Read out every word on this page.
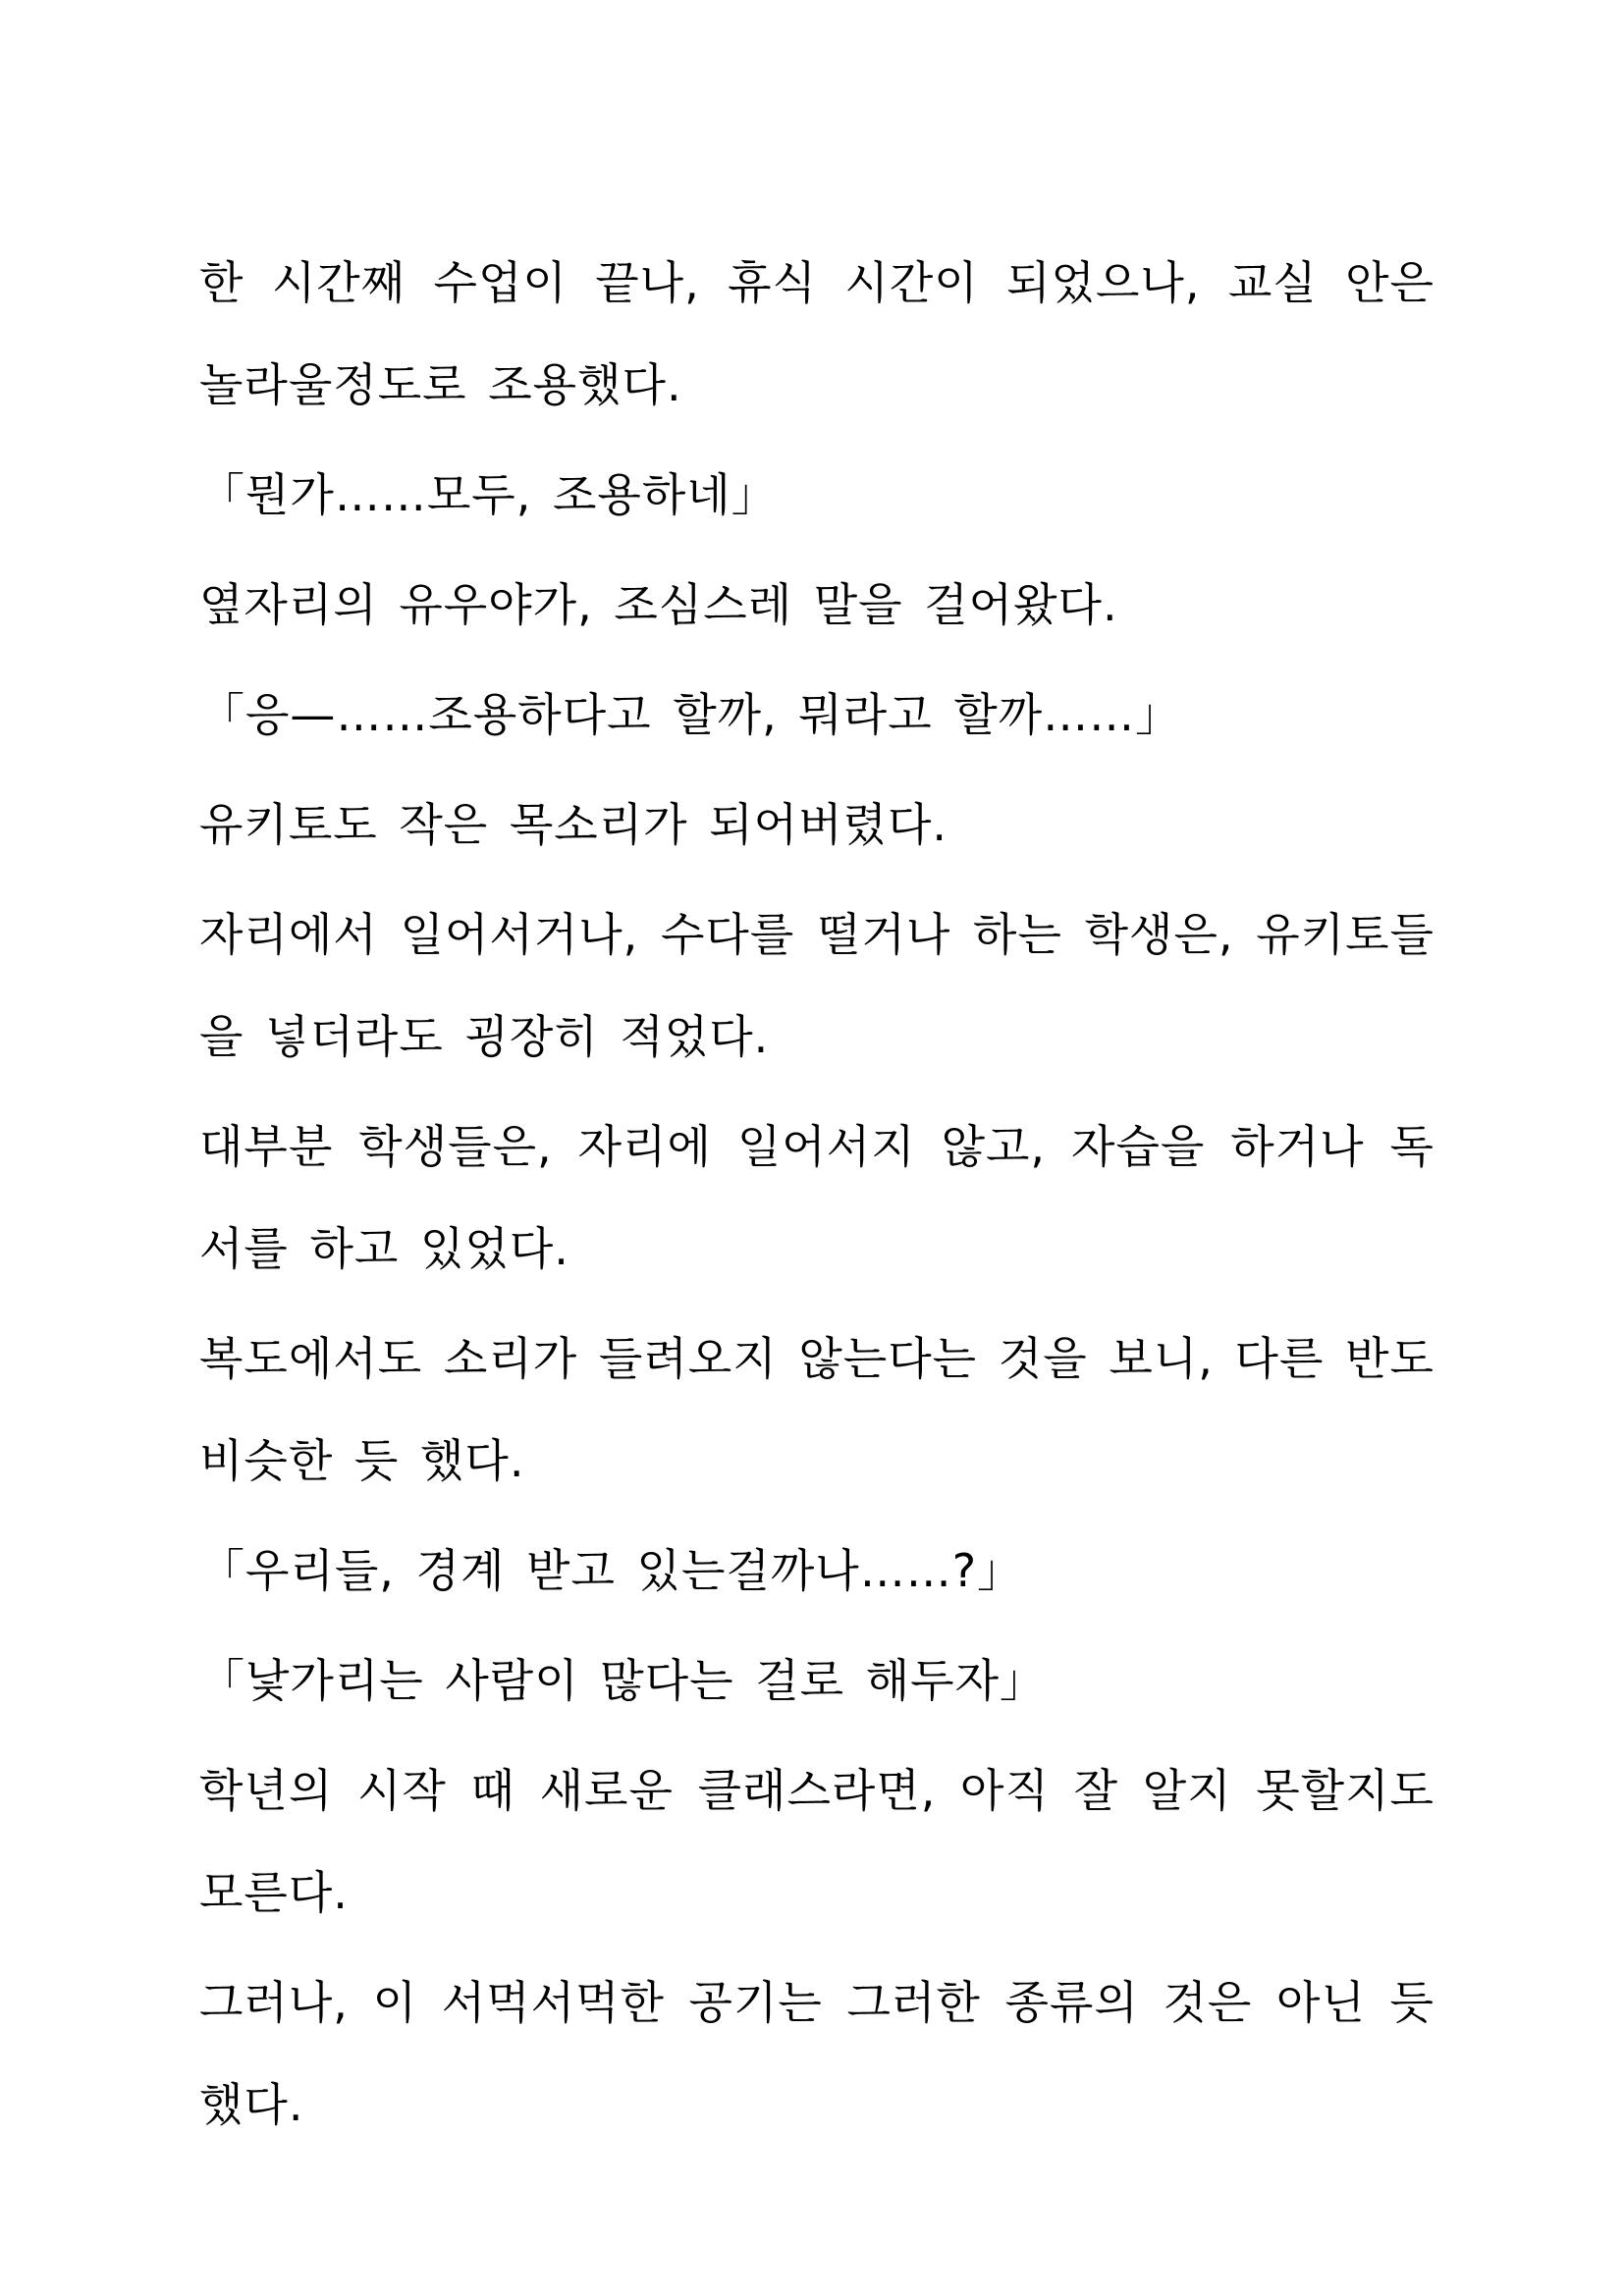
한 시간째 수업이 끝나, 휴식 시간이 되었으나, 교실 안은 놀라울정도로 조용했다.

「뭔가……모두, 조용하네」

옆자리의 유우야가, 조심스레 말을 걸어왔다.

「응—……조용하다고 할까, 뭐라고 할까……」

유키토도 작은 목소리가 되어버렸다.

자리에서 일어서거나, 수다를 떨거나 하는 학생은, 유키토들을 넣더라도 굉장히 적었다.

대부분 학생들은, 자리에 일어서지 않고, 자습을 하거나 독서를 하고 있었다.

복도에서도 소리가 들려오지 않는다는 것을 보니, 다른 반도 비슷한 듯 했다.

「우리들, 경계 받고 있는걸까나……?」

「낯가리는 사람이 많다는 걸로 해두자」

학년의 시작 때 새로운 클래스라면, 아직 잘 알지 못할지도 모른다.

그러나, 이 서먹서먹한 공기는 그러한 종류의 것은 아닌 듯 했다.
